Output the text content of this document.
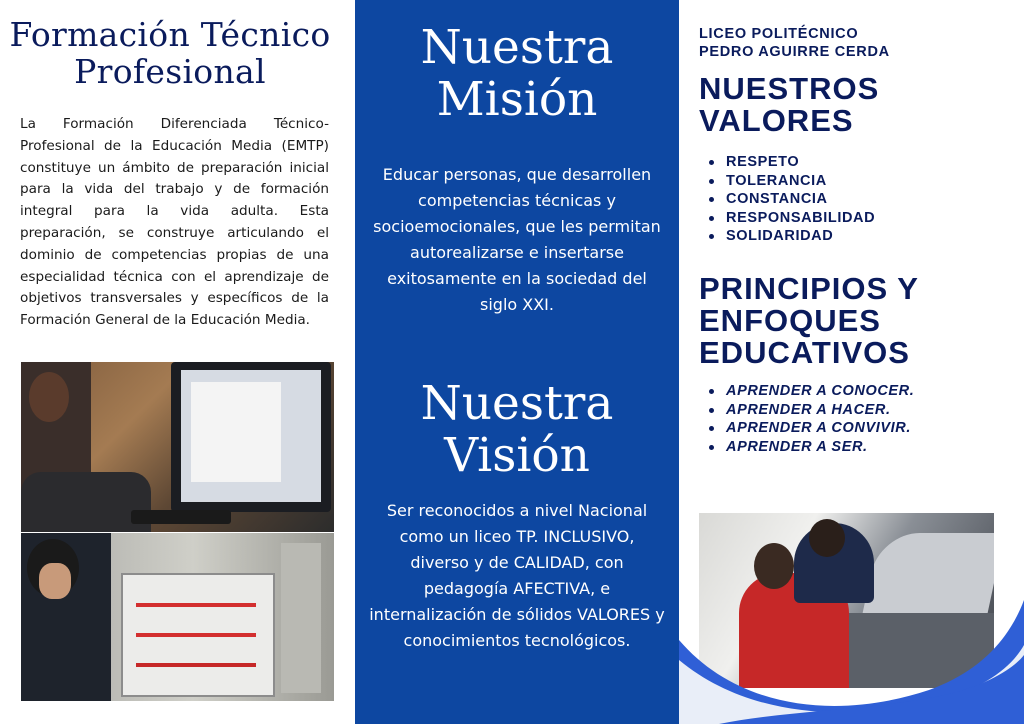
Formación Técnico
Profesional
La Formación Diferenciada Técnico-Profesional de la Educación Media (EMTP) constituye un ámbito de preparación inicial para la vida del trabajo y de formación integral para la vida adulta. Esta preparación, se construye articulando el dominio de competencias propias de una especialidad técnica con el aprendizaje de objetivos transversales y específicos de la Formación General de la Educación Media.
Nuestra
Misión
Educar personas, que desarrollen competencias técnicas y socioemocionales, que les permitan autorealizarse e insertarse exitosamente en la sociedad del siglo XXI.
Nuestra
Visión
Ser reconocidos a nivel Nacional como un liceo TP. INCLUSIVO, diverso y de CALIDAD, con pedagogía AFECTIVA, e internalización de sólidos VALORES y conocimientos tecnológicos.
LICEO POLITÉCNICO
PEDRO AGUIRRE CERDA
NUESTROS
VALORES
RESPETO
TOLERANCIA
CONSTANCIA
RESPONSABILIDAD
SOLIDARIDAD
PRINCIPIOS Y
ENFOQUES
EDUCATIVOS
APRENDER A CONOCER.
APRENDER A HACER.
APRENDER A CONVIVIR.
APRENDER A SER.
